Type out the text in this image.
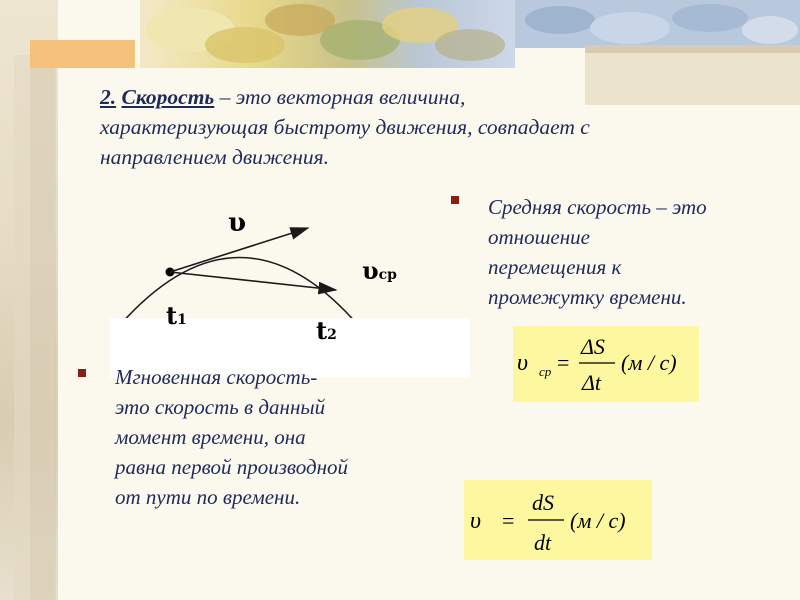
2. Скорость – это векторная величина,
характеризующая быстроту движения, совпадает с
направлением движения.
υ
υср
t1	t2
Средняя скорость – это
отношение
перемещения к
промежутку времени.
υ ср =
ΔS
Δt
(м / с)
Мгновенная скорость-
это скорость в данный
момент времени, она
равна первой производной
от пути по времени.
υ =
dS
dt
(м / с)
